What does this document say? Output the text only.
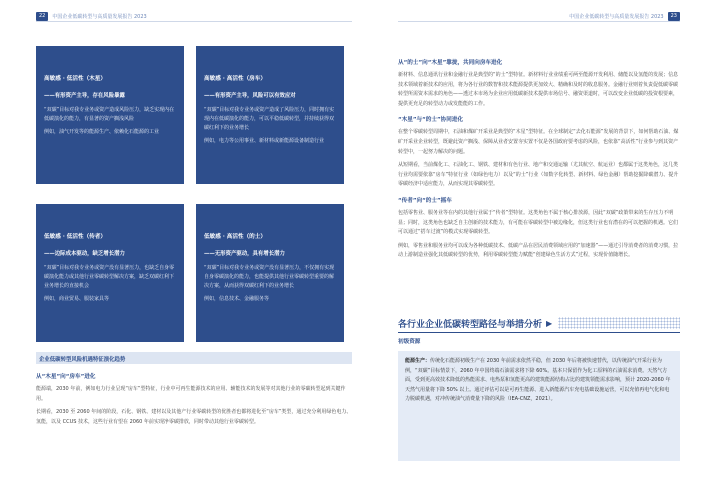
22	中国企业低碳转型与高质量发展报告 2023	中国企业低碳转型与高质量发展报告 2023	23
高敏感 · 低活性（木星）
——有形资产主导，存在风险暴露
“双碳”目标对我专业务或资产造成风险压力，缺乏实现内在低碳演化的能力，有显著的资产搁浅风险
例如，油气开发等的能源生产、依赖化石能源的工业
高敏感 · 高活性（房车）
——有形资产主导，风险可以有效应对
“双碳”目标对我专业务或资产造成了风险压力，同时拥有实现内在低碳演化的能力，可以平稳低碳转型，并持续获得双碳红利下的业务增长
例如，电力等公用事业、新材料或新能源设备制造行业
低敏感 · 低活性（传者）
——边际成本驱动，缺乏增长潜力
“双碳”目标对我专业务或资产没有显著压力，也缺乏自身零碳演化能力或其他行业零碳转型解决方案，缺乏双碳红利下业务增长的直接机会
例如，商业贸易、服装家具等
低敏感 · 高活性（的士）
——无形资产驱动，具有增长潜力
“双碳”目标对我专业务或资产没有显著压力，不仅拥有实现自身零碳演化的能力，也能提供其他行业零碳转型重要的解决方案，从而获得双碳红利下的业务增长
例如，信息技术、金融服务等
企业低碳转型风险机遇特征演化趋势
从“木星”向“房车”进化

能源端，2030 年前，例如电力行业呈现“房车”型特征，行业中可再生能源技术的应用、辅能技术的发展等对其他行业的零碳转型起到关键作用。

长期看，2030 至 2060 年间的阶段，石化、钢铁、建材以及其他产行业零碳转型的优胜者也都将进化至“房车”类型，通过充分利用绿色电力、氢能，以及 CCUS 技术，这些行业有望在 2060 年前实现净零碳排放，同时带动其他行业零碳转型。

从“的士”向“木星”靠拢，共同向房车进化

新材料、信息通讯行业和金融行业是典型的“的士”型特征。新材料行业业绩重可两至能源开发利用、储能以及氢能的发展；信息技术领域着新技术的应用，将为各行业的数智和技术能源提供更加效大、精确和及时的收息服务。金融行业则着负责促低碳零碳转型所需资本需求的角色——透过本市场为企业应用低碳新技术提供市场信号、融资渠道时，可以改变企业低碳的投资根要素，提供更充足的转型动力或发能能的工作。

“木星”与“的士”协同进化

在整个零碳转型周期中，石油和煤矿开采业是典型的“木星”型特征。在全球制定“去化石能源”发展的背景下，如何帮助石油、煤矿开采业企业转型，既避此资产搁浅、保障从业者安置夯实置不仅是各国政府要考虑的风险，也依靠“高活性”行业参与到其资产转型中，一起努力解决的问题。

从短期看，当前煤化工、石油化工、钢铁、建材和有色行业、地产和交通运输（尤其航空、航运业）也都属于这类角色，这几类行业均需要依靠“房车”特征行业（如绿色电力）以及“的士”行业（如数字化转型、新材料、绿色金融）帮助挖掘降碳潜力、提升零碳经济中适应能力，从而实现其零碳转型。

“传者”向“的士”摇车

包括零售业、服务业等在内的其他行业属于“传者”型特征。这类角色不属于核心排放源，因此“双碳”政策带来的生存压力不明显；同时，这类角色也缺乏自主创新的技术能力，有可能在零碳转型中被边缘化，但这类行业也有潜在的可以把握的机遇。它们可以通过“搭车过渡”的模式实现零碳转型。

例如，零售业和服务业均可以成为各种低碳技术、低碳产品在居民消费领域应用的“加速器”——通过引导消费者的消费习惯，拉动上游制造业强化其低碳转型的优势，利用零碳转型能力赋能“创建绿色生活方式”过程，实现价值随增长。

各行业企业低碳转型路径与举措分析 ▶
初级资源

能源生产：传统化石能源初级生产在 2030 年前需求依然平稳，但 2030 年后将被快速替代，以传统油气开采行业为例，“双碳”目标情景下，2060 年中国终端石油需求将下降 60%。基本只保留作为化工原料的石油需求消费。天然气方面，受到更高效技术降低的热能需求、电热泵和氢能更高的建筑能源结构占比的建筑领能需求影响，预计 2020-2060 年天然气用量将下降 50% 以上。通过评估可以是可再生能源、进入新能源汽车充电基础设施运营，可以充值再电气化和电力脱碳机遇，对冲传统油气消费量下降的风险（IEA-CNZ，2021）。
